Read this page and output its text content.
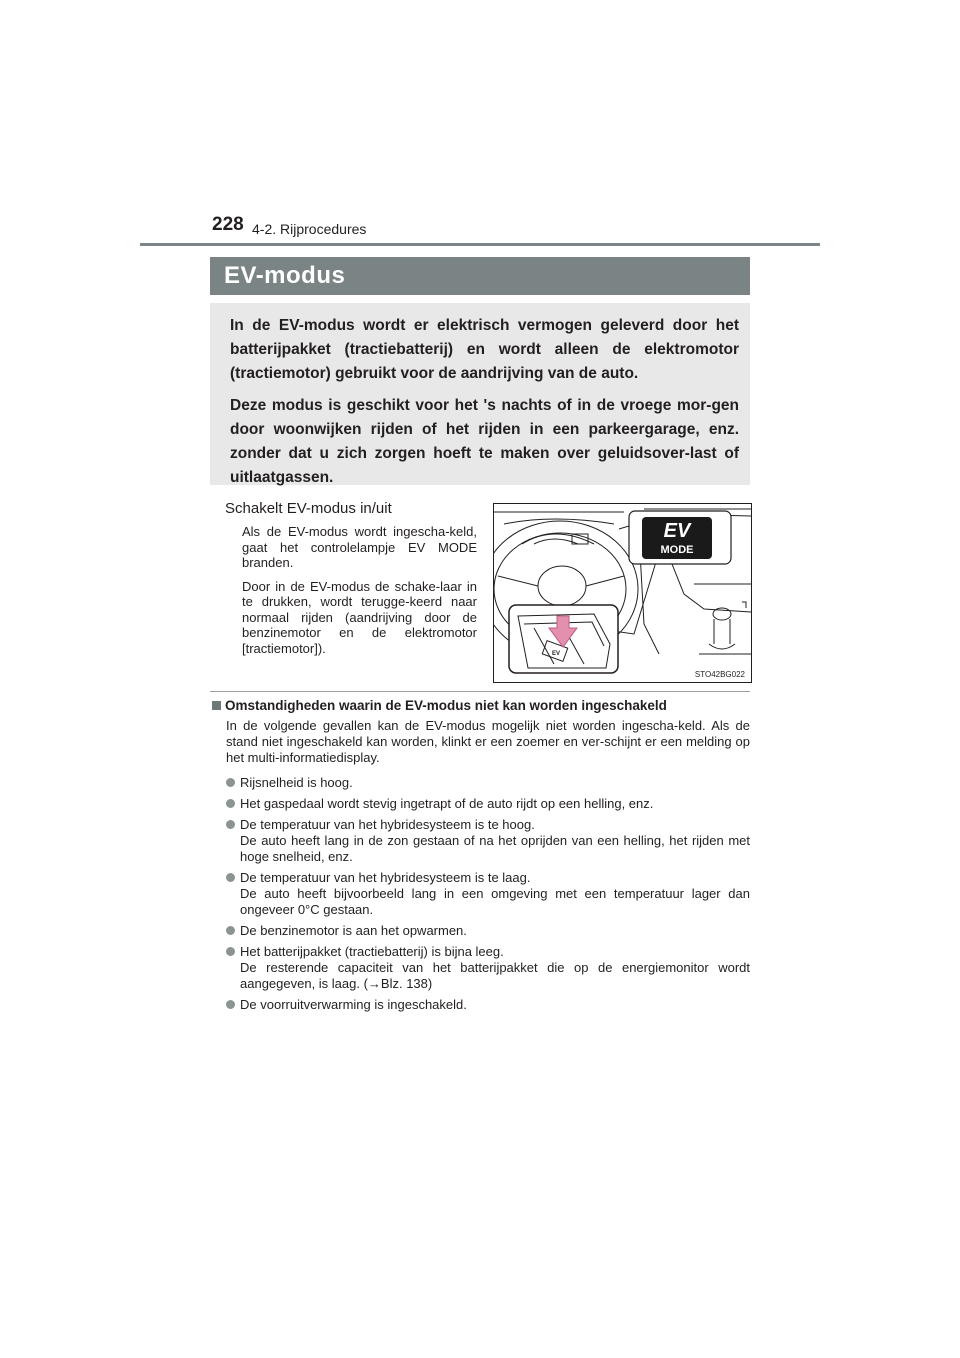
228 4-2. Rijprocedures
EV-modus

In de EV-modus wordt er elektrisch vermogen geleverd door het batterijpakket (tractiebatterij) en wordt alleen de elektromotor (tractiemotor) gebruikt voor de aandrijving van de auto.

Deze modus is geschikt voor het 's nachts of in de vroege mor-gen door woonwijken rijden of het rijden in een parkeergarage, enz. zonder dat u zich zorgen hoeft te maken over geluidsover-last of uitlaatgassen.

Schakelt EV-modus in/uit

Als de EV-modus wordt ingescha-keld, gaat het controlelampje EV MODE branden.

Door in de EV-modus de schake-laar in te drukken, wordt terugge-keerd naar normaal rijden (aandrijving door de benzinemotor en de elektromotor [tractiemotor]).

EV
MODE
EV
STO42BG022
Omstandigheden waarin de EV-modus niet kan worden ingeschakeld
In de volgende gevallen kan de EV-modus mogelijk niet worden ingescha-keld. Als de stand niet ingeschakeld kan worden, klinkt er een zoemer en ver-schijnt er een melding op het multi-informatiedisplay.
Rijsnelheid is hoog.
Het gaspedaal wordt stevig ingetrapt of de auto rijdt op een helling, enz.
De temperatuur van het hybridesysteem is te hoog.
De auto heeft lang in de zon gestaan of na het oprijden van een helling, het rijden met hoge snelheid, enz.
De temperatuur van het hybridesysteem is te laag.
De auto heeft bijvoorbeeld lang in een omgeving met een temperatuur lager dan ongeveer 0°C gestaan.
De benzinemotor is aan het opwarmen.
Het batterijpakket (tractiebatterij) is bijna leeg.
De resterende capaciteit van het batterijpakket die op de energiemonitor wordt aangegeven, is laag. (→Blz. 138)
De voorruitverwarming is ingeschakeld.
